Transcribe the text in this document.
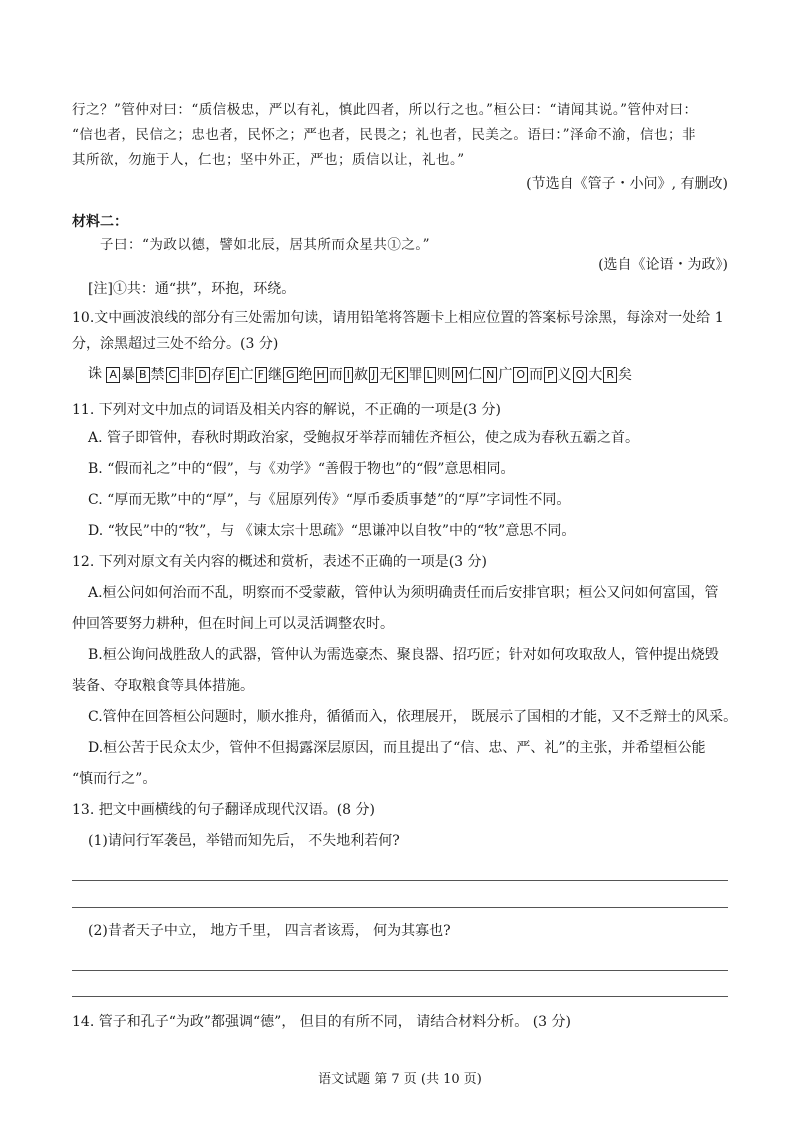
行之？”管仲对曰：“质信极忠，严以有礼，慎此四者，所以行之也。”桓公曰：“请闻其说。”管仲对曰：
“信也者，民信之；忠也者，民怀之；严也者，民畏之；礼也者，民美之。语曰：”泽命不渝，信也；非
其所欲，勿施于人，仁也；坚中外正，严也；质信以让，礼也。”
(节选自《管子・小问》, 有删改)
材料二：
子曰：“为政以德，譬如北辰，居其所而众星共①之。”
(选自《论语・为政》)
[注]①共：通“拱”，环抱，环绕。
10.文中画波浪线的部分有三处需加句读，请用铅笔将答题卡上相应位置的答案标号涂黑，每涂对一处给 1
分，涂黑超过三处不给分。(3 分)
诛 A 暴 B 禁 C 非 D 存 E 亡 F 继 G 绝 H 而 I 赦 J 无 K 罪 L 则 M 仁 N 广 O 而 P 义 Q 大 R 矣
11. 下列对文中加点的词语及相关内容的解说，不正确的一项是(3 分)
A. 管子即管仲，春秋时期政治家，受鲍叔牙举荐而辅佐齐桓公，使之成为春秋五霸之首。
B. “假而礼之”中的“假”，与《劝学》“善假于物也”的“假”意思相同。
C. “厚而无欺”中的“厚”，与《屈原列传》“厚币委质事楚”的“厚”字词性不同。
D. “牧民”中的“牧”，与 《谏太宗十思疏》“思谦冲以自牧”中的“牧”意思不同。
12. 下列对原文有关内容的概述和赏析，表述不正确的一项是(3 分)
A.桓公问如何治而不乱，明察而不受蒙蔽，管仲认为须明确责任而后安排官职；桓公又问如何富国，管
仲回答要努力耕种，但在时间上可以灵活调整农时。
B.桓公询问战胜敌人的武器，管仲认为需选豪杰、聚良器、招巧匠；针对如何攻取敌人，管仲提出烧毁
装备、夺取粮食等具体措施。
C.管仲在回答桓公问题时，顺水推舟，循循而入，依理展开， 既展示了国相的才能，又不乏辩士的风采。
D.桓公苦于民众太少，管仲不但揭露深层原因，而且提出了“信、忠、严、礼”的主张，并希望桓公能
“慎而行之”。
13. 把文中画横线的句子翻译成现代汉语。(8 分)
(1)请问行军袭邑，举错而知先后， 不失地利若何?
(2)昔者天子中立， 地方千里， 四言者该焉， 何为其寡也?
14. 管子和孔子“为政”都强调“德”， 但目的有所不同， 请结合材料分析。 (3 分)
语文试题 第 7 页 (共 10 页)
